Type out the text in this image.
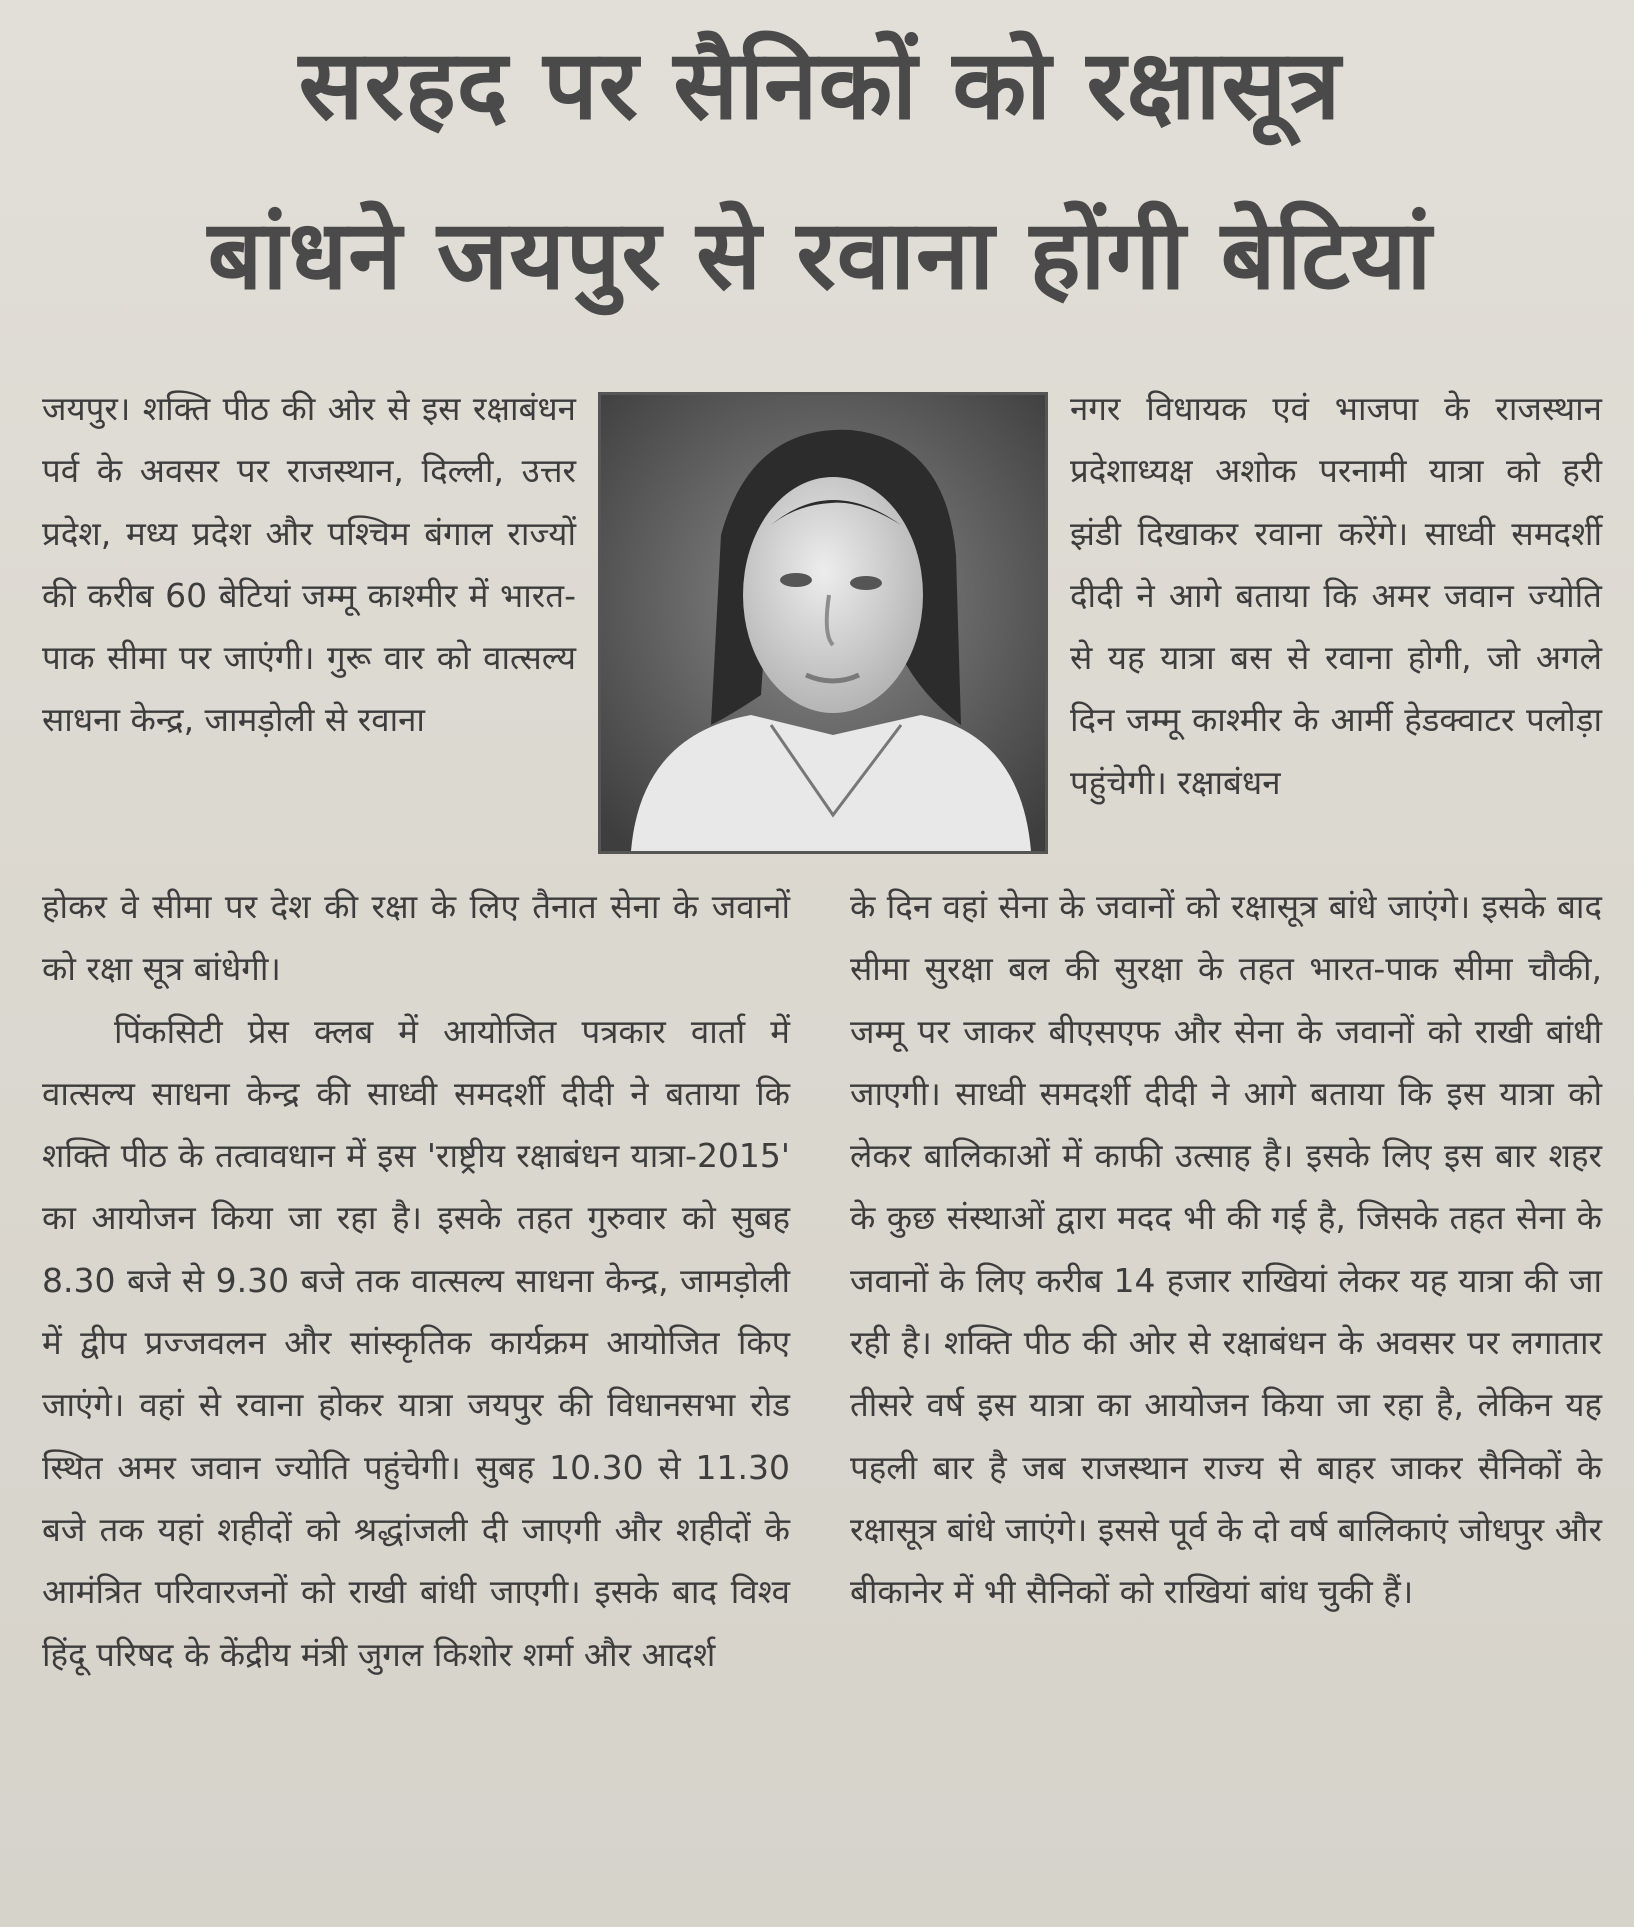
सरहद पर सैनिकों को रक्षासूत्र
बांधने जयपुर से रवाना होंगी बेटियां

जयपुर। शक्ति पीठ की ओर से इस रक्षाबंधन पर्व के अवसर पर राजस्थान, दिल्ली, उत्तर प्रदेश, मध्य प्रदेश और पश्चिम बंगाल राज्यों की करीब 60 बेटियां जम्मू काश्मीर में भारत-पाक सीमा पर जाएंगी। गुरू वार को वात्सल्य साधना केन्द्र, जामड़ोली से रवाना

नगर विधायक एवं भाजपा के राजस्थान प्रदेशाध्यक्ष अशोक परनामी यात्रा को हरी झंडी दिखाकर रवाना करेंगे। साध्वी समदर्शी दीदी ने आगे बताया कि अमर जवान ज्योति से यह यात्रा बस से रवाना होगी, जो अगले दिन जम्मू काश्मीर के आर्मी हेडक्वाटर पलोड़ा पहुंचेगी। रक्षाबंधन

होकर वे सीमा पर देश की रक्षा के लिए तैनात सेना के जवानों को रक्षा सूत्र बांधेगी।

पिंकसिटी प्रेस क्लब में आयोजित पत्रकार वार्ता में वात्सल्य साधना केन्द्र की साध्वी समदर्शी दीदी ने बताया कि शक्ति पीठ के तत्वावधान में इस 'राष्ट्रीय रक्षाबंधन यात्रा-2015' का आयोजन किया जा रहा है। इसके तहत गुरुवार को सुबह 8.30 बजे से 9.30 बजे तक वात्सल्य साधना केन्द्र, जामड़ोली में द्वीप प्रज्जवलन और सांस्कृतिक कार्यक्रम आयोजित किए जाएंगे। वहां से रवाना होकर यात्रा जयपुर की विधानसभा रोड स्थित अमर जवान ज्योति पहुंचेगी। सुबह 10.30 से 11.30 बजे तक यहां शहीदों को श्रद्धांजली दी जाएगी और शहीदों के आमंत्रित परिवारजनों को राखी बांधी जाएगी। इसके बाद विश्व हिंदू परिषद के केंद्रीय मंत्री जुगल किशोर शर्मा और आदर्श

के दिन वहां सेना के जवानों को रक्षासूत्र बांधे जाएंगे। इसके बाद सीमा सुरक्षा बल की सुरक्षा के तहत भारत-पाक सीमा चौकी, जम्मू पर जाकर बीएसएफ और सेना के जवानों को राखी बांधी जाएगी। साध्वी समदर्शी दीदी ने आगे बताया कि इस यात्रा को लेकर बालिकाओं में काफी उत्साह है। इसके लिए इस बार शहर के कुछ संस्थाओं द्वारा मदद भी की गई है, जिसके तहत सेना के जवानों के लिए करीब 14 हजार राखियां लेकर यह यात्रा की जा रही है। शक्ति पीठ की ओर से रक्षाबंधन के अवसर पर लगातार तीसरे वर्ष इस यात्रा का आयोजन किया जा रहा है, लेकिन यह पहली बार है जब राजस्थान राज्य से बाहर जाकर सैनिकों के रक्षासूत्र बांधे जाएंगे। इससे पूर्व के दो वर्ष बालिकाएं जोधपुर और बीकानेर में भी सैनिकों को राखियां बांध चुकी हैं।
